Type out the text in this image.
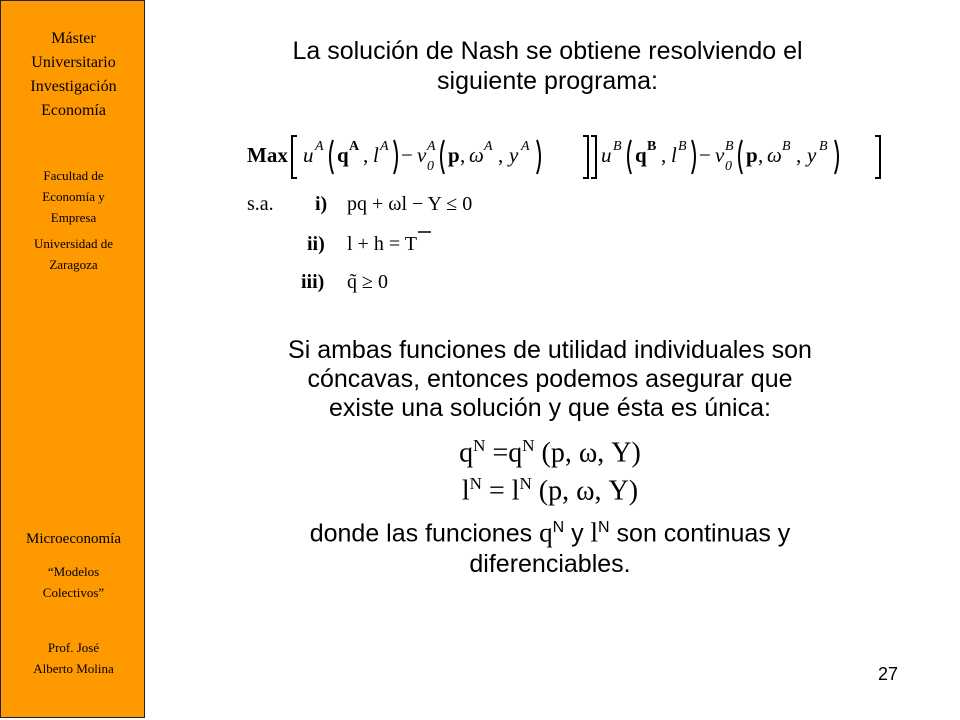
Máster
Universitario
Investigación
Economía
Facultad de
Economía y
Empresa
Universidad de
Zaragoza
Microeconomía
“Modelos
Colectivos”
Prof. José
Alberto Molina
La solución de Nash se obtiene resolviendo el
siguiente programa:
Max u A q A , l A − v A
0 p , ω A , y A	u B q B , l B − v B
0 p , ω B , y B
s.a. i) pq + ωl − Y ≤ 0
ii) l + h = T
iii) q̃ ≥ 0
Si ambas funciones de utilidad individuales son
cóncavas, entonces podemos asegurar que
existe una solución y que ésta es única:
$q^N =q^N$ (p, ω, Y)
$l^N = l^N$ (p, ω, Y)
donde las funciones $q^N$ y $l^N$ son continuas y
diferenciables.
27
